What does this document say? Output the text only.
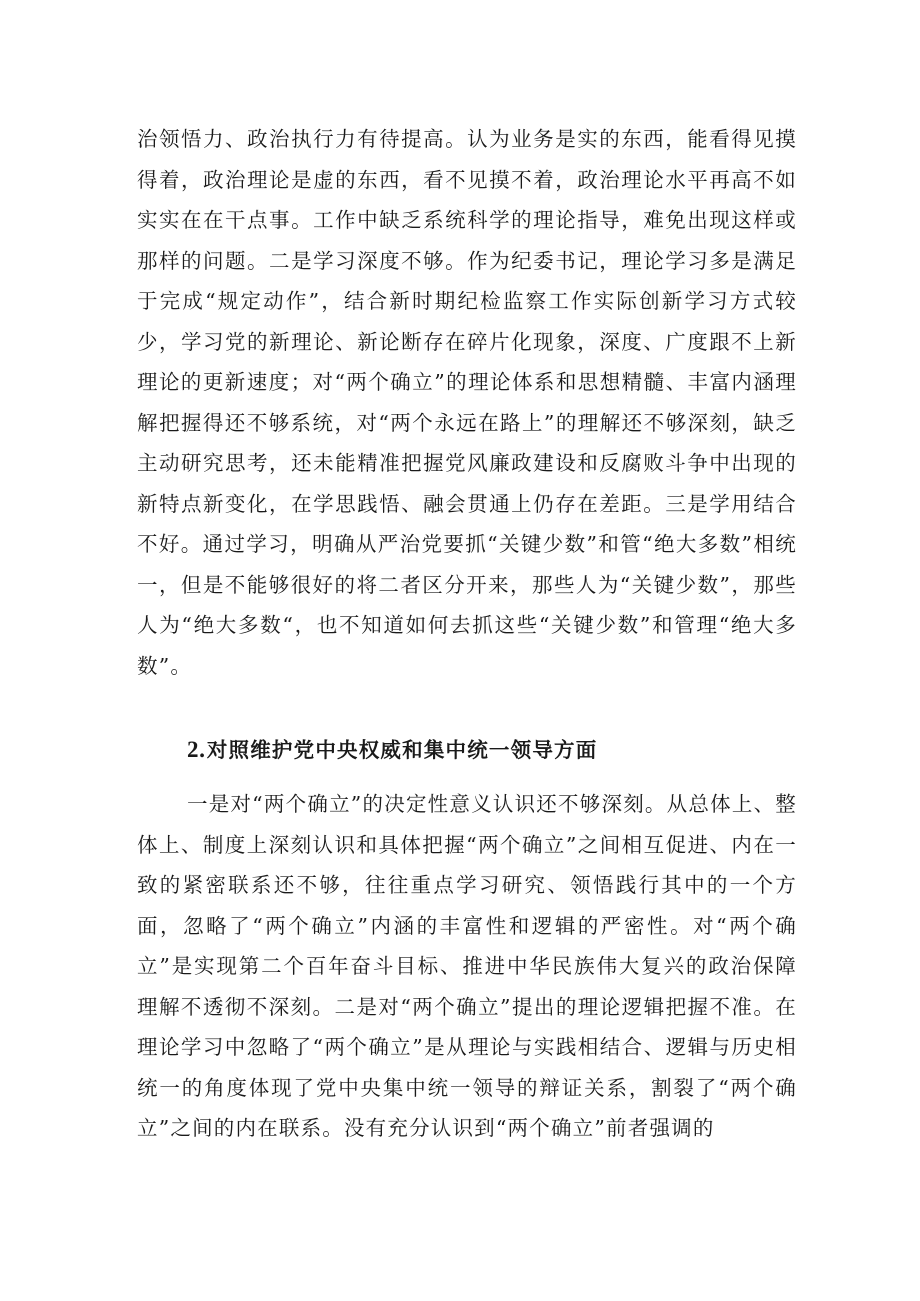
治领悟力、政治执行力有待提高。认为业务是实的东西，能看得见摸得着，政治理论是虚的东西，看不见摸不着，政治理论水平再高不如实实在在干点事。工作中缺乏系统科学的理论指导，难免出现这样或那样的问题。二是学习深度不够。作为纪委书记，理论学习多是满足于完成“规定动作”，结合新时期纪检监察工作实际创新学习方式较少，学习党的新理论、新论断存在碎片化现象，深度、广度跟不上新理论的更新速度；对“两个确立”的理论体系和思想精髓、丰富内涵理解把握得还不够系统，对“两个永远在路上”的理解还不够深刻，缺乏主动研究思考，还未能精准把握党风廉政建设和反腐败斗争中出现的新特点新变化，在学思践悟、融会贯通上仍存在差距。三是学用结合不好。通过学习，明确从严治党要抓“关键少数”和管“绝大多数”相统一，但是不能够很好的将二者区分开来，那些人为“关键少数”，那些人为“绝大多数“，也不知道如何去抓这些“关键少数”和管理“绝大多数”。

2.对照维护党中央权威和集中统一领导方面

一是对“两个确立”的决定性意义认识还不够深刻。从总体上、整体上、制度上深刻认识和具体把握“两个确立”之间相互促进、内在一致的紧密联系还不够，往往重点学习研究、领悟践行其中的一个方面，忽略了“两个确立”内涵的丰富性和逻辑的严密性。对“两个确立”是实现第二个百年奋斗目标、推进中华民族伟大复兴的政治保障理解不透彻不深刻。二是对“两个确立”提出的理论逻辑把握不准。在理论学习中忽略了“两个确立”是从理论与实践相结合、逻辑与历史相统一的角度体现了党中央集中统一领导的辩证关系，割裂了“两个确立”之间的内在联系。没有充分认识到“两个确立”前者强调的
